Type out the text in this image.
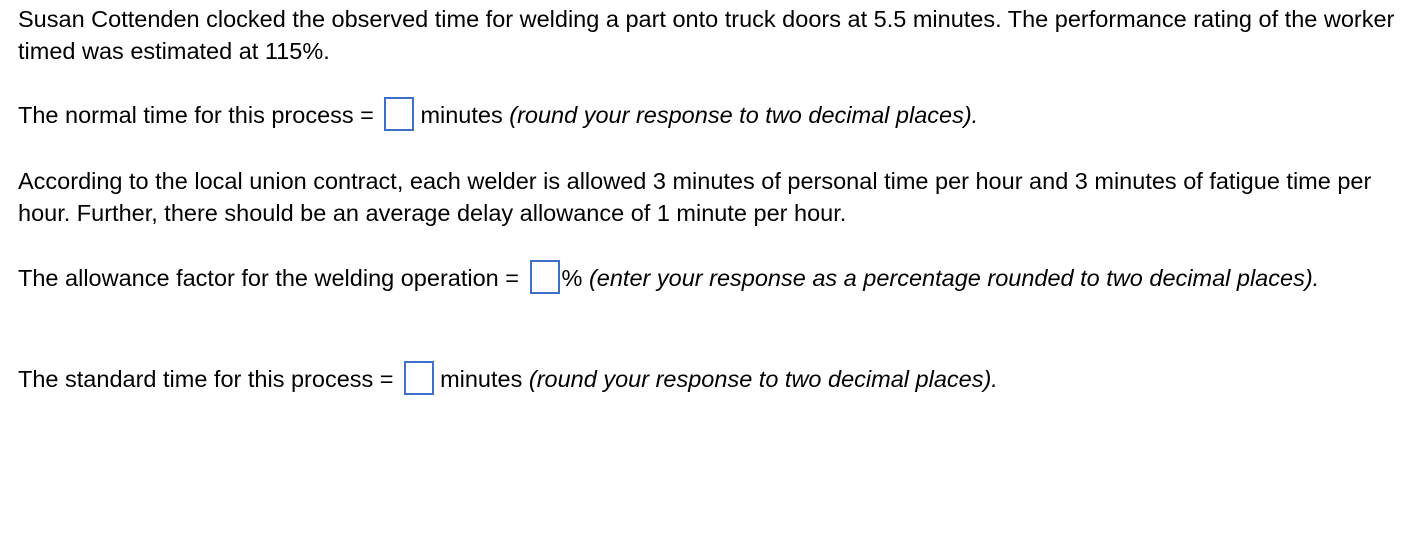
Susan Cottenden clocked the observed time for welding a part onto truck doors at 5.5 minutes. The performance rating of the worker timed was estimated at 115%.

The normal time for this process = minutes (round your response to two decimal places).

According to the local union contract, each welder is allowed 3 minutes of personal time per hour and 3 minutes of fatigue time per hour. Further, there should be an average delay allowance of 1 minute per hour.

The allowance factor for the welding operation = % (enter your response as a percentage rounded to two decimal places).

The standard time for this process = minutes (round your response to two decimal places).
